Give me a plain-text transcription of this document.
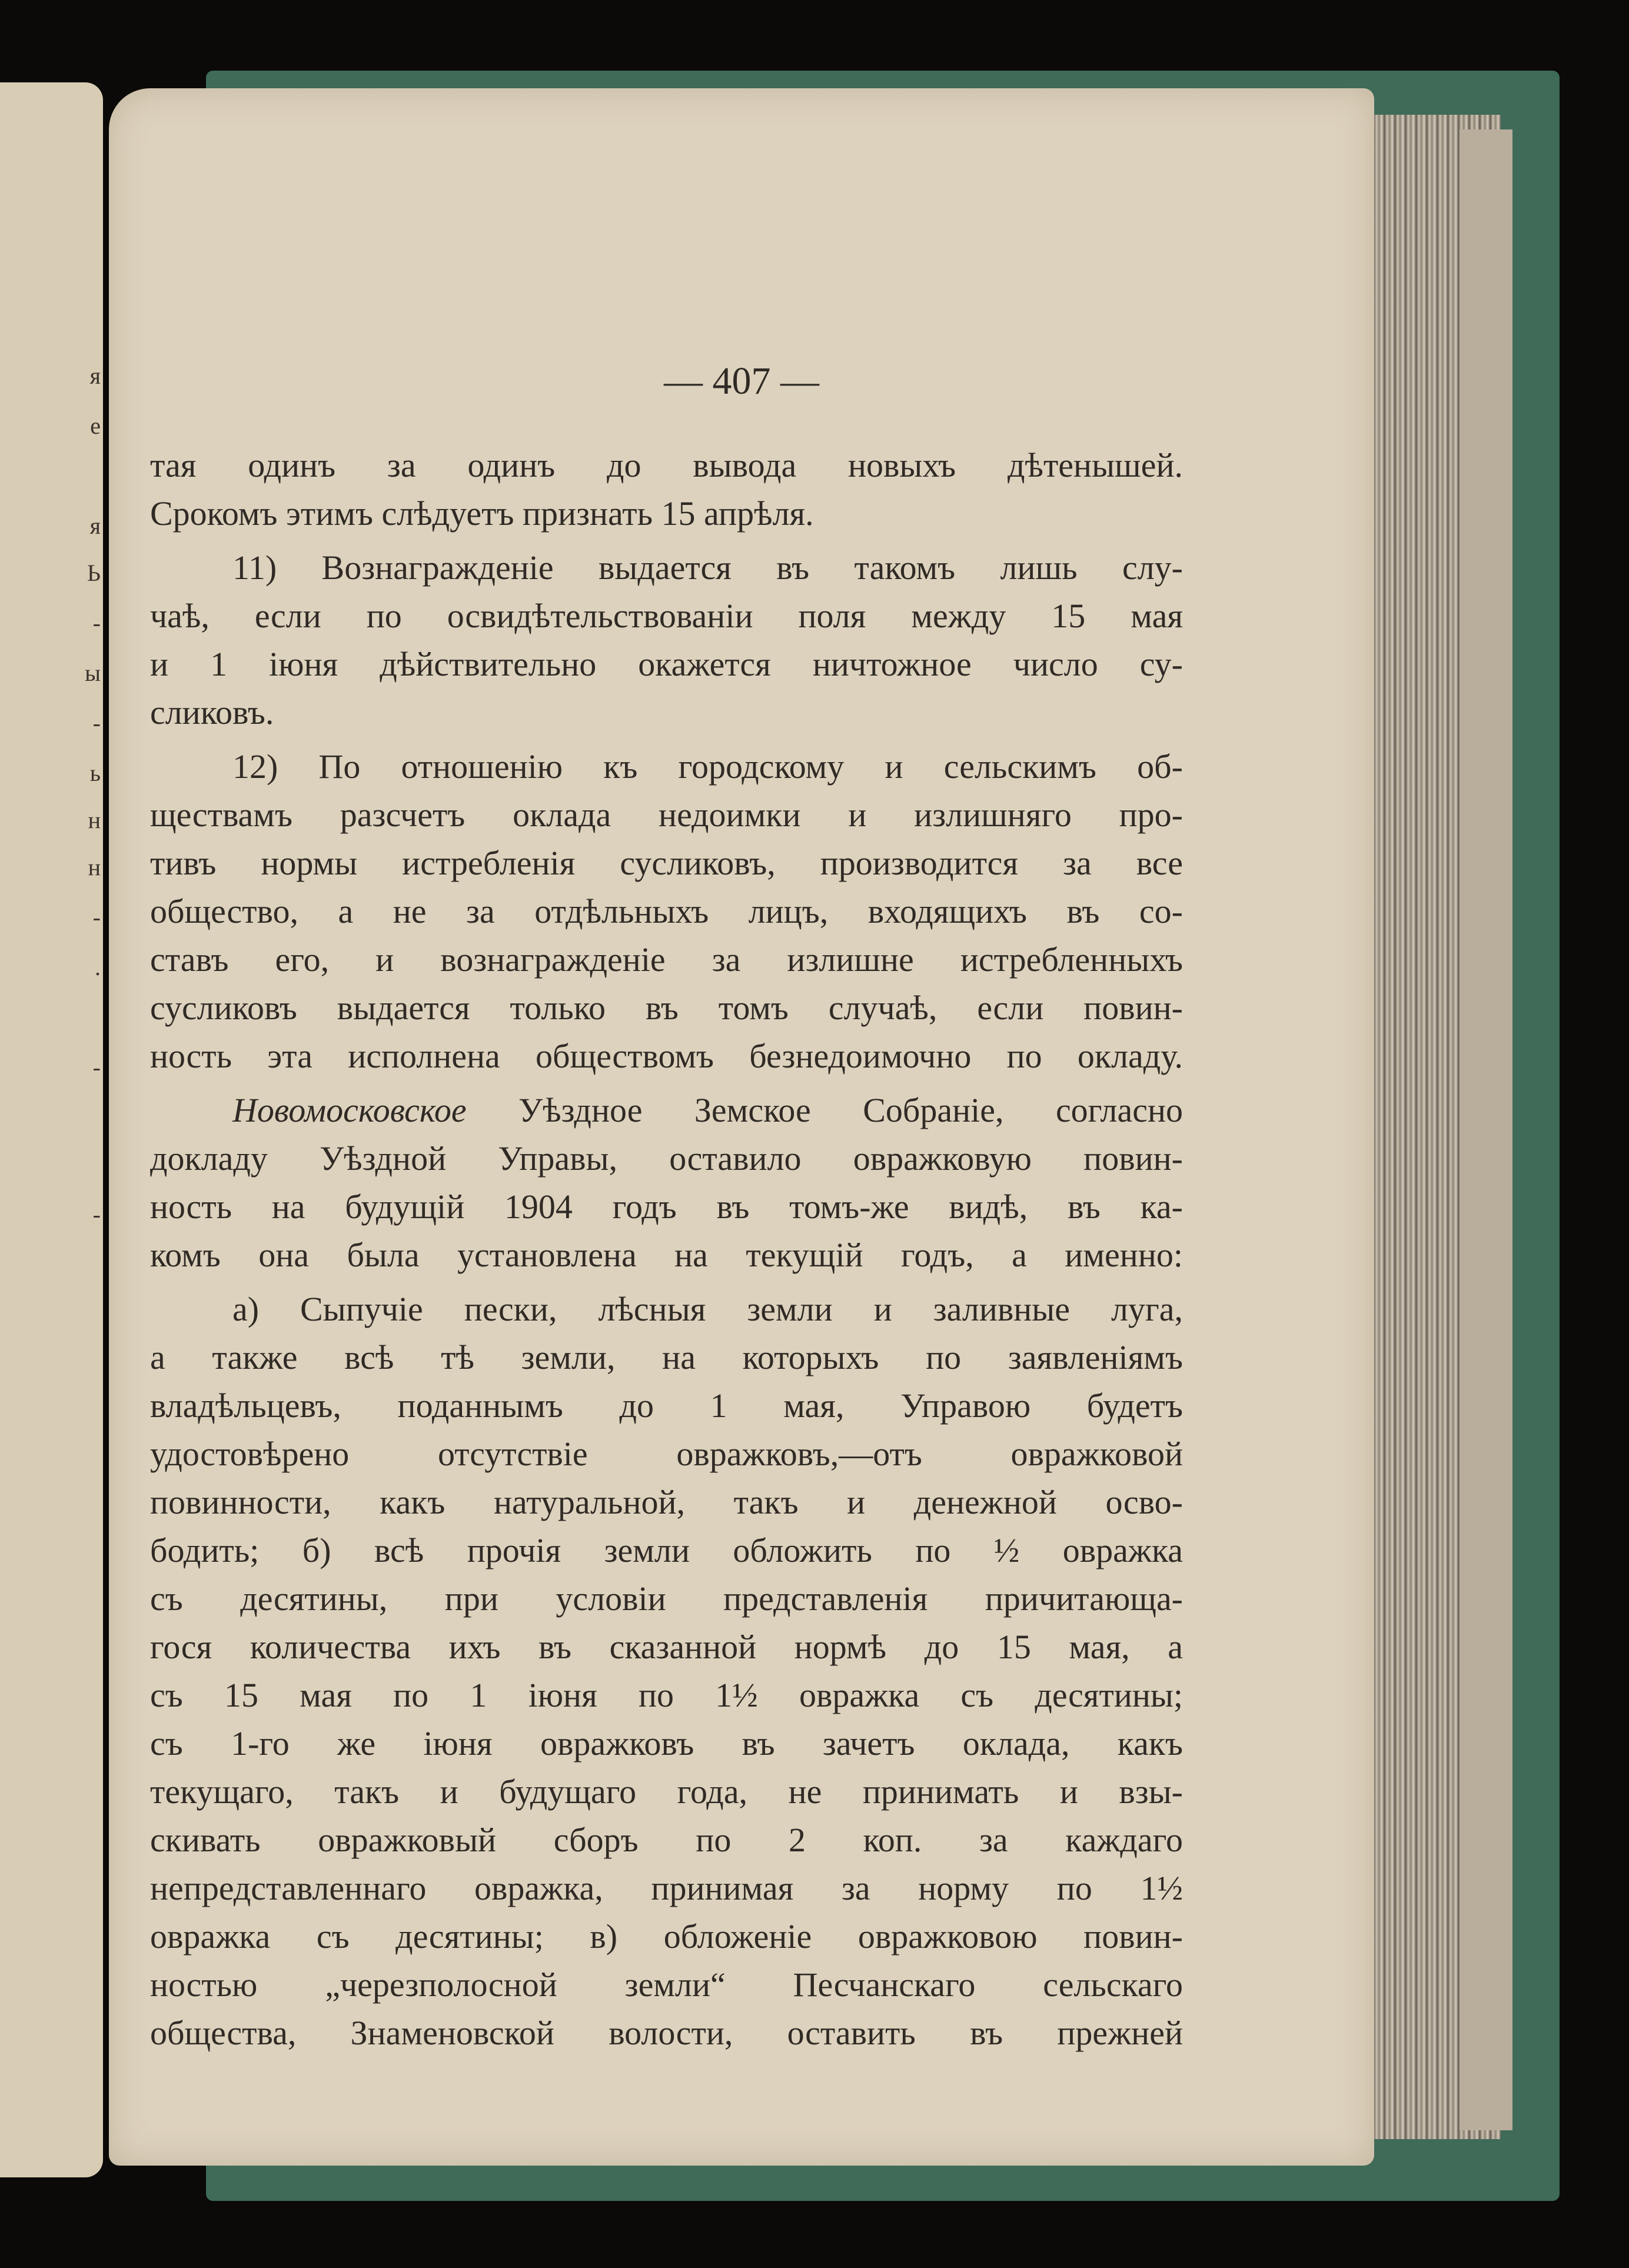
я
е
я
Ь
-
ы
-
ь
н
н
-
.
-
-
— 407 —
тая одинъ за одинъ до вывода новыхъ дѣтенышей.
Срокомъ этимъ слѣдуетъ признать 15 апрѣля.
11) Вознагражденіе выдается въ такомъ лишь слу-
чаѣ, если по освидѣтельствованіи поля между 15 мая
и 1 іюня дѣйствительно окажется ничтожное число су-
сликовъ.
12) По отношенію къ городскому и сельскимъ об-
ществамъ разсчетъ оклада недоимки и излишняго про-
тивъ нормы истребленія сусликовъ, производится за все
общество, а не за отдѣльныхъ лицъ, входящихъ въ со-
ставъ его, и вознагражденіе за излишне истребленныхъ
сусликовъ выдается только въ томъ случаѣ, если повин-
ность эта исполнена обществомъ безнедоимочно по окладу.
Новомосковское Уѣздное Земское Собраніе, согласно
докладу Уѣздной Управы, оставило овражковую повин-
ность на будущій 1904 годъ въ томъ-же видѣ, въ ка-
комъ она была установлена на текущій годъ, а именно:
а) Сыпучіе пески, лѣсныя земли и заливные луга,
а также всѣ тѣ земли, на которыхъ по заявленіямъ
владѣльцевъ, поданнымъ до 1 мая, Управою будетъ
удостовѣрено отсутствіе овражковъ,—отъ овражковой
повинности, какъ натуральной, такъ и денежной осво-
бодить; б) всѣ прочія земли обложить по ½ овражка
съ десятины, при условіи представленія причитающа-
гося количества ихъ въ сказанной нормѣ до 15 мая, а
съ 15 мая по 1 іюня по 1½ овражка съ десятины;
съ 1-го же іюня овражковъ въ зачетъ оклада, какъ
текущаго, такъ и будущаго года, не принимать и взы-
скивать овражковый сборъ по 2 коп. за каждаго
непредставленнаго овражка, принимая за норму по 1½
овражка съ десятины; в) обложеніе овражковою повин-
ностью „черезполосной земли“ Песчанскаго сельскаго
общества, Знаменовской волости, оставить въ прежней
